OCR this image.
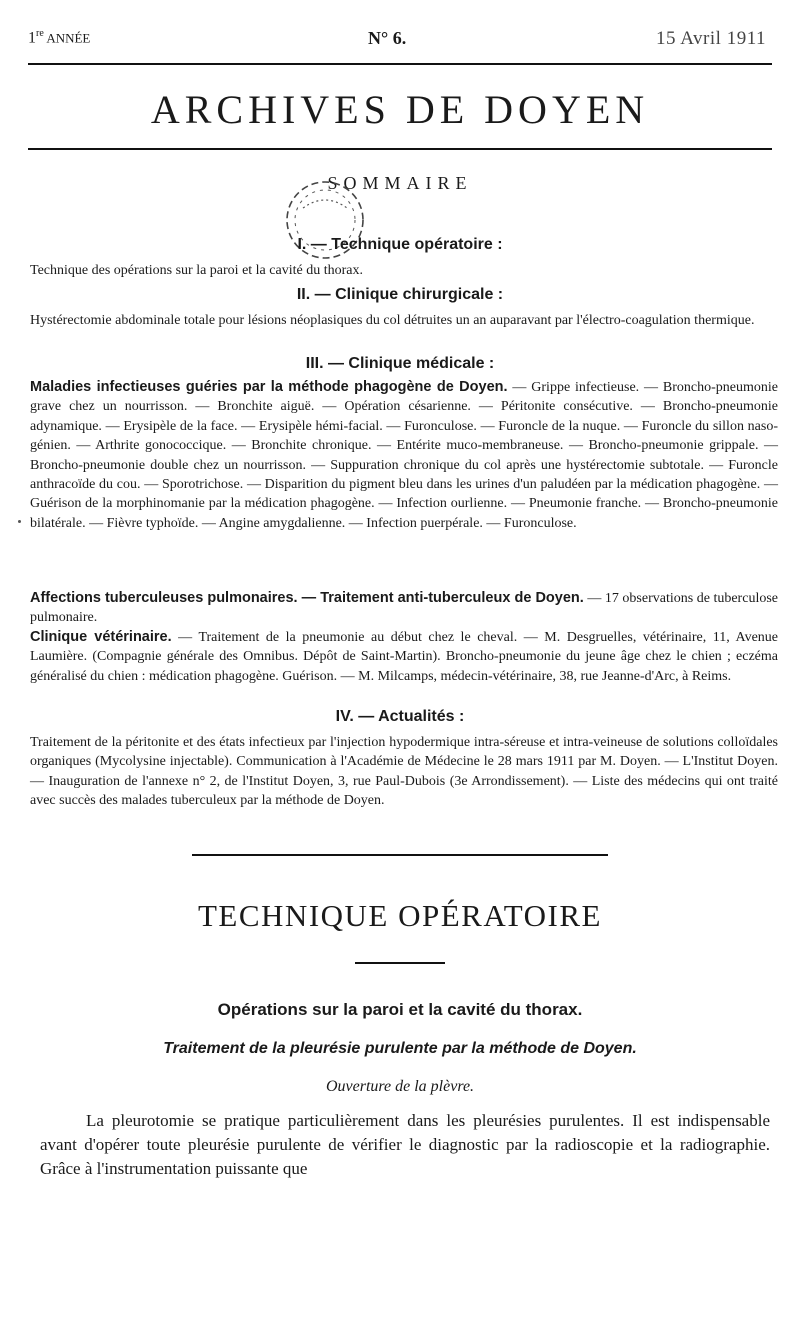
1re ANNÉE	N° 6.	15 Avril 1911
ARCHIVES DE DOYEN
SOMMAIRE
I. — Technique opératoire :

Technique des opérations sur la paroi et la cavité du thorax.

II. — Clinique chirurgicale :

Hystérectomie abdominale totale pour lésions néoplasiques du col détruites un an auparavant par l'électro-coagulation thermique.

III. — Clinique médicale :

Maladies infectieuses guéries par la méthode phagogène de Doyen. — Grippe infectieuse. — Broncho-pneumonie grave chez un nourrisson. — Bronchite aiguë. — Opération césarienne. — Péritonite consécutive. — Broncho-pneumonie adynamique. — Erysipèle de la face. — Erysipèle hémi-facial. — Furonculose. — Furoncle de la nuque. — Furoncle du sillon naso-génien. — Arthrite gonococcique. — Bronchite chronique. — Entérite muco-membraneuse. — Broncho-pneumonie grippale. — Broncho-pneumonie double chez un nourrisson. — Suppuration chronique du col après une hystérectomie subtotale. — Furoncle anthracoïde du cou. — Sporotrichose. — Disparition du pigment bleu dans les urines d'un paludéen par la médication phagogène. — Guérison de la morphinomanie par la médication phagogène. — Infection ourlienne. — Pneumonie franche. — Broncho-pneumonie bilatérale. — Fièvre typhoïde. — Angine amygdalienne. — Infection puerpérale. — Furonculose.

Affections tuberculeuses pulmonaires. — Traitement anti-tuberculeux de Doyen. — 17 observations de tuberculose pulmonaire.

Clinique vétérinaire. — Traitement de la pneumonie au début chez le cheval. — M. Desgruelles, vétérinaire, 11, Avenue Laumière. (Compagnie générale des Omnibus. Dépôt de Saint-Martin). Broncho-pneumonie du jeune âge chez le chien ; eczéma généralisé du chien : médication phagogène. Guérison. — M. Milcamps, médecin-vétérinaire, 38, rue Jeanne-d'Arc, à Reims.

IV. — Actualités :

Traitement de la péritonite et des états infectieux par l'injection hypodermique intra-séreuse et intra-veineuse de solutions colloïdales organiques (Mycolysine injectable). Communication à l'Académie de Médecine le 28 mars 1911 par M. Doyen. — L'Institut Doyen. — Inauguration de l'annexe n° 2, de l'Institut Doyen, 3, rue Paul-Dubois (3e Arrondissement). — Liste des médecins qui ont traité avec succès des malades tuberculeux par la méthode de Doyen.

TECHNIQUE OPÉRATOIRE
Opérations sur la paroi et la cavité du thorax.
Traitement de la pleurésie purulente par la méthode de Doyen.
Ouverture de la plèvre.

La pleurotomie se pratique particulièrement dans les pleurésies purulentes. Il est indispensable avant d'opérer toute pleurésie purulente de vérifier le diagnostic par la radioscopie et la radiographie. Grâce à l'instrumentation puissante que
